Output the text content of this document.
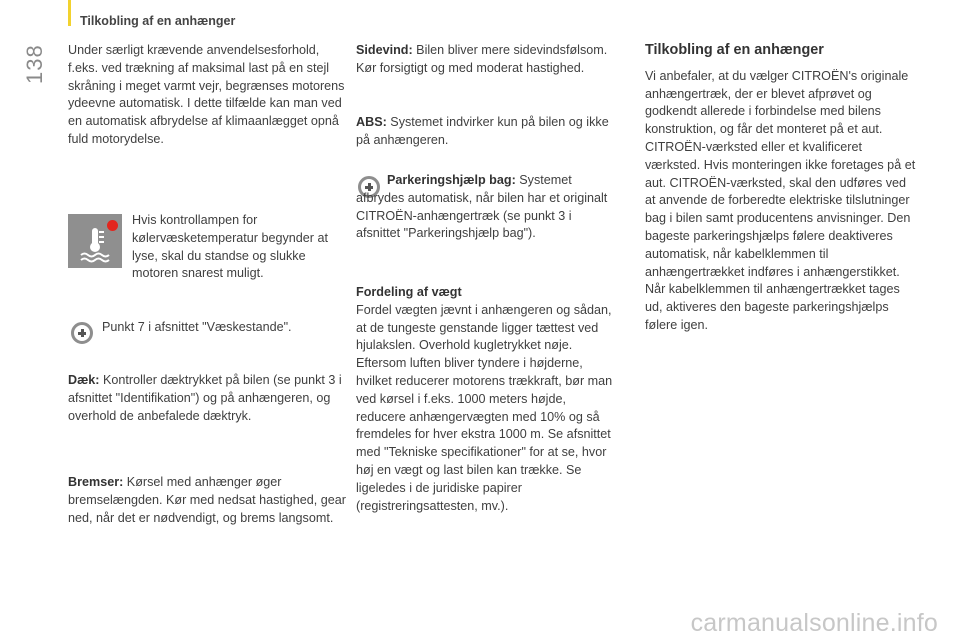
Tilkobling af en anhænger
138	Under særligt krævende anvendelsesforhold, f.eks. ved trækning af maksimal last på en stejl skråning i meget varmt vejr, begrænses motorens ydeevne automatisk. I dette tilfælde kan man ved en automatisk afbrydelse af klimaanlægget opnå fuld motorydelse.

Hvis kontrollampen for kølervæsketemperatur begynder at lyse, skal du standse og slukke motoren snarest muligt.

Punkt 7 i afsnittet "Væskestande".

Dæk: Kontroller dæktrykket på bilen (se punkt 3 i afsnittet "Identifikation") og på anhængeren, og overhold de anbefalede dæktryk.

Bremser: Kørsel med anhænger øger bremselængden. Kør med nedsat hastighed, gear ned, når det er nødvendigt, og brems langsomt.

Sidevind: Bilen bliver mere sidevindsfølsom. Kør forsigtigt og med moderat hastighed.

ABS: Systemet indvirker kun på bilen og ikke på anhængeren.

Parkeringshjælp bag: Systemet afbrydes automatisk, når bilen har et originalt CITROËN-anhængertræk (se punkt 3 i afsnittet "Parkeringshjælp bag").

Fordeling af vægt

Fordel vægten jævnt i anhængeren og sådan, at de tungeste genstande ligger tættest ved hjulakslen. Overhold kugletrykket nøje. Eftersom luften bliver tyndere i højderne, hvilket reducerer motorens trækkraft, bør man ved kørsel i f.eks. 1000 meters højde, reducere anhængervægten med 10% og så fremdeles for hver ekstra 1000 m. Se afsnittet med "Tekniske specifikationer" for at se, hvor høj en vægt og last bilen kan trække. Se ligeledes i de juridiske papirer (registreringsattesten, mv.).

Tilkobling af en anhænger

Vi anbefaler, at du vælger CITROËN's originale anhængertræk, der er blevet afprøvet og godkendt allerede i forbindelse med bilens konstruktion, og får det monteret på et aut. CITROËN-værksted eller et kvalificeret værksted. Hvis monteringen ikke foretages på et aut. CITROËN-værksted, skal den udføres ved at anvende de forberedte elektriske tilslutninger bag i bilen samt producentens anvisninger. Den bageste parkeringshjælps følere deaktiveres automatisk, når kabelklemmen til anhængertrækket indføres i anhængerstikket. Når kabelklemmen til anhængertrækket tages ud, aktiveres den bageste parkeringshjælps følere igen.

carmanualsonline.info
